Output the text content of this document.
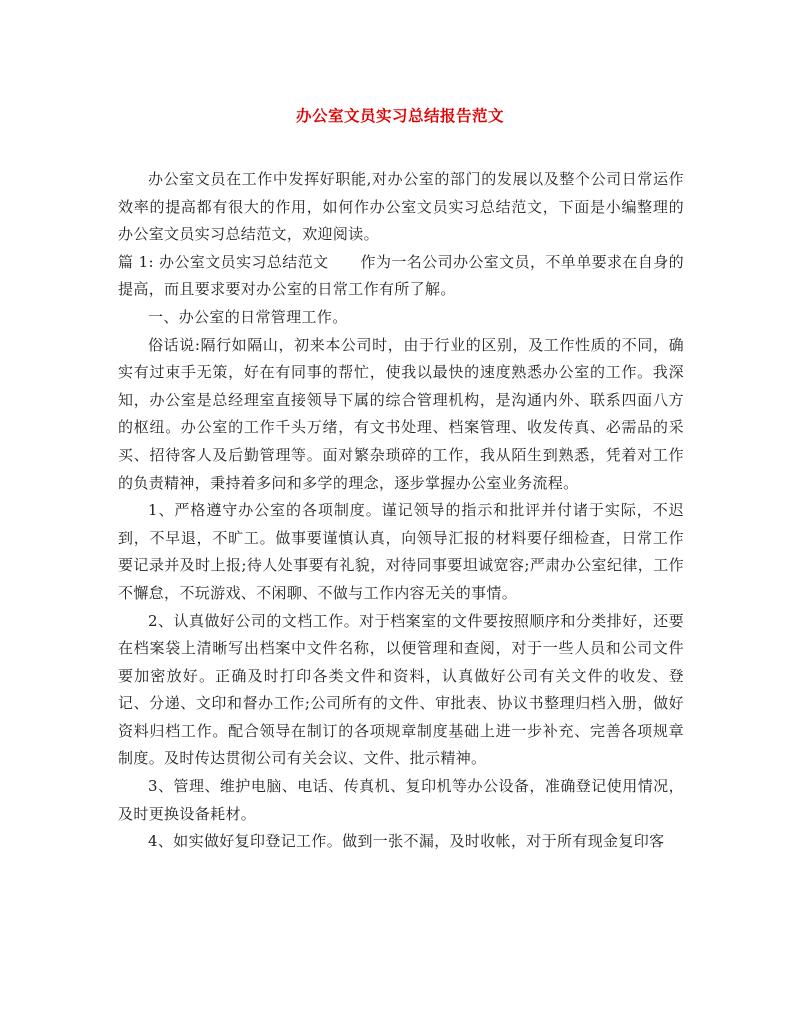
办公室文员实习总结报告范文

办公室文员在工作中发挥好职能,对办公室的部门的发展以及整个公司日常运作效率的提高都有很大的作用，如何作办公室文员实习总结范文，下面是小编整理的办公室文员实习总结范文，欢迎阅读。

篇 1: 办公室文员实习总结范文 作为一名公司办公室文员，不单单要求在自身的提高，而且要求要对办公室的日常工作有所了解。

一、办公室的日常管理工作。

俗话说:隔行如隔山，初来本公司时，由于行业的区别，及工作性质的不同，确实有过束手无策，好在有同事的帮忙，使我以最快的速度熟悉办公室的工作。我深知，办公室是总经理室直接领导下属的综合管理机构，是沟通内外、联系四面八方的枢纽。办公室的工作千头万绪，有文书处理、档案管理、收发传真、必需品的采买、招待客人及后勤管理等。面对繁杂琐碎的工作，我从陌生到熟悉，凭着对工作的负责精神，秉持着多问和多学的理念，逐步掌握办公室业务流程。

1、严格遵守办公室的各项制度。谨记领导的指示和批评并付诸于实际，不迟到，不早退，不旷工。做事要谨慎认真，向领导汇报的材料要仔细检查，日常工作要记录并及时上报;待人处事要有礼貌，对待同事要坦诚宽容;严肃办公室纪律，工作不懈怠，不玩游戏、不闲聊、不做与工作内容无关的事情。

2、认真做好公司的文档工作。对于档案室的文件要按照顺序和分类排好，还要在档案袋上清晰写出档案中文件名称，以便管理和查阅，对于一些人员和公司文件要加密放好。正确及时打印各类文件和资料，认真做好公司有关文件的收发、登记、分递、文印和督办工作;公司所有的文件、审批表、协议书整理归档入册，做好资料归档工作。配合领导在制订的各项规章制度基础上进一步补充、完善各项规章制度。及时传达贯彻公司有关会议、文件、批示精神。

3、管理、维护电脑、电话、传真机、复印机等办公设备，准确登记使用情况，及时更换设备耗材。

4、如实做好复印登记工作。做到一张不漏，及时收帐，对于所有现金复印客
